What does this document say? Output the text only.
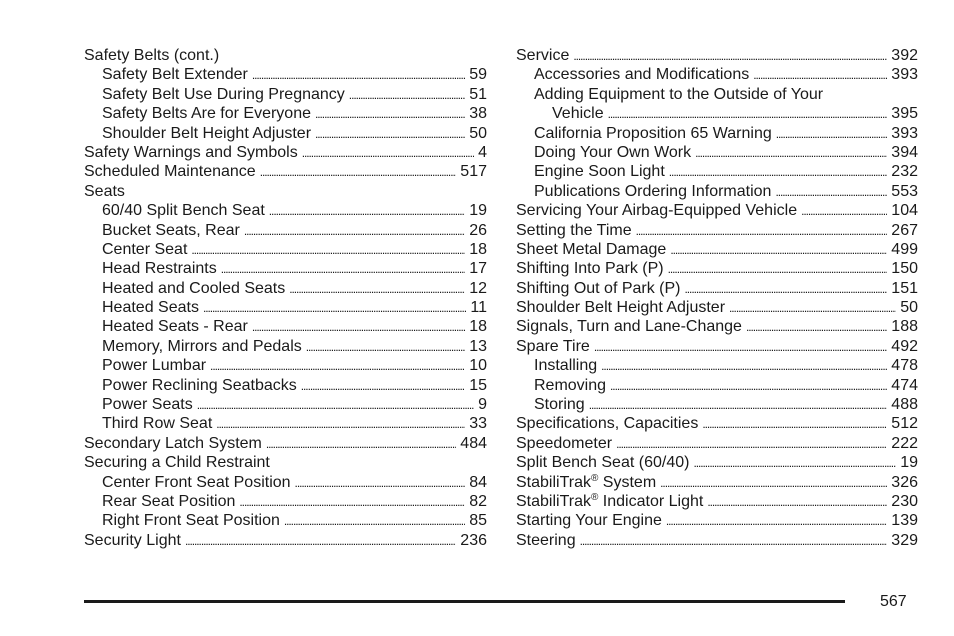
Safety Belts (cont.)
Safety Belt Extender . . .	59
Safety Belt Use During Pregnancy . . .	51
Safety Belts Are for Everyone . . .	38
Shoulder Belt Height Adjuster . . .	50
Safety Warnings and Symbols . . .	4
Scheduled Maintenance . . .	517
Seats
60/40 Split Bench Seat . . .	19
Bucket Seats, Rear . . .	26
Center Seat . . .	18
Head Restraints . . .	17
Heated and Cooled Seats . . .	12
Heated Seats . . .	11
Heated Seats - Rear . . .	18
Memory, Mirrors and Pedals . . .	13
Power Lumbar . . .	10
Power Reclining Seatbacks . . .	15
Power Seats . . .	9
Third Row Seat . . .	33
Secondary Latch System . . .	484
Securing a Child Restraint
Center Front Seat Position . . .	84
Rear Seat Position . . .	82
Right Front Seat Position . . .	85
Security Light . . .	236
Service . . .	392
Accessories and Modifications . . .	393
Adding Equipment to the Outside of Your
Vehicle . . .	395
California Proposition 65 Warning . . .	393
Doing Your Own Work . . .	394
Engine Soon Light . . .	232
Publications Ordering Information . . .	553
Servicing Your Airbag-Equipped Vehicle . . .	104
Setting the Time . . .	267
Sheet Metal Damage . . .	499
Shifting Into Park (P) . . .	150
Shifting Out of Park (P) . . .	151
Shoulder Belt Height Adjuster . . .	50
Signals, Turn and Lane-Change . . .	188
Spare Tire . . .	492
Installing . . .	478
Removing . . .	474
Storing . . .	488
Specifications, Capacities . . .	512
Speedometer . . .	222
Split Bench Seat (60/40) . . .	19
StabiliTrak® System . . .	326
StabiliTrak® Indicator Light . . .	230
Starting Your Engine . . .	139
Steering . . .	329
567
